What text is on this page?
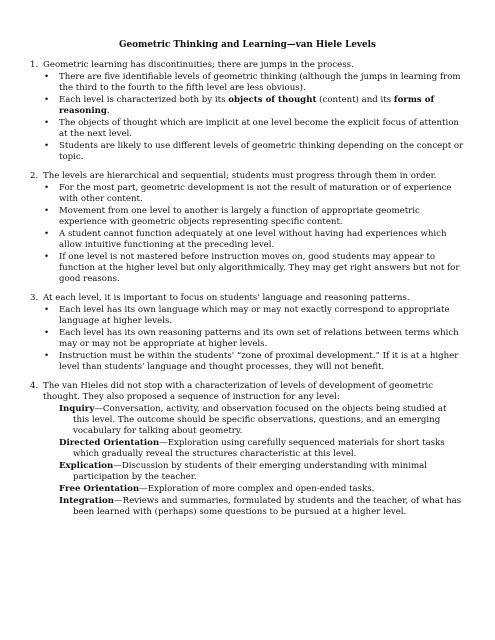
Geometric Thinking and Learning—van Hiele Levels
1. Geometric learning has discontinuities; there are jumps in the process.
• There are five identifiable levels of geometric thinking (although the jumps in learning from the third to the fourth to the fifth level are less obvious).
• Each level is characterized both by its objects of thought (content) and its forms of reasoning.
• The objects of thought which are implicit at one level become the explicit focus of attention at the next level.
• Students are likely to use different levels of geometric thinking depending on the concept or topic.
2. The levels are hierarchical and sequential; students must progress through them in order.
• For the most part, geometric development is not the result of maturation or of experience with other content.
• Movement from one level to another is largely a function of appropriate geometric experience with geometric objects representing specific content.
• A student cannot function adequately at one level without having had experiences which allow intuitive functioning at the preceding level.
• If one level is not mastered before instruction moves on, good students may appear to function at the higher level but only algorithmically. They may get right answers but not for good reasons.
3. At each level, it is important to focus on students' language and reasoning patterns.
• Each level has its own language which may or may not exactly correspond to appropriate language at higher levels.
• Each level has its own reasoning patterns and its own set of relations between terms which may or may not be appropriate at higher levels.
• Instruction must be within the students' “zone of proximal development.” If it is at a higher level than students' language and thought processes, they will not benefit.
4. The van Hieles did not stop with a characterization of levels of development of geometric thought. They also proposed a sequence of instruction for any level:
Inquiry—Conversation, activity, and observation focused on the objects being studied at this level. The outcome should be specific observations, questions, and an emerging vocabulary for talking about geometry.
Directed Orientation—Exploration using carefully sequenced materials for short tasks which gradually reveal the structures characteristic at this level.
Explication—Discussion by students of their emerging understanding with minimal participation by the teacher.
Free Orientation—Exploration of more complex and open-ended tasks.
Integration—Reviews and summaries, formulated by students and the teacher, of what has been learned with (perhaps) some questions to be pursued at a higher level.
